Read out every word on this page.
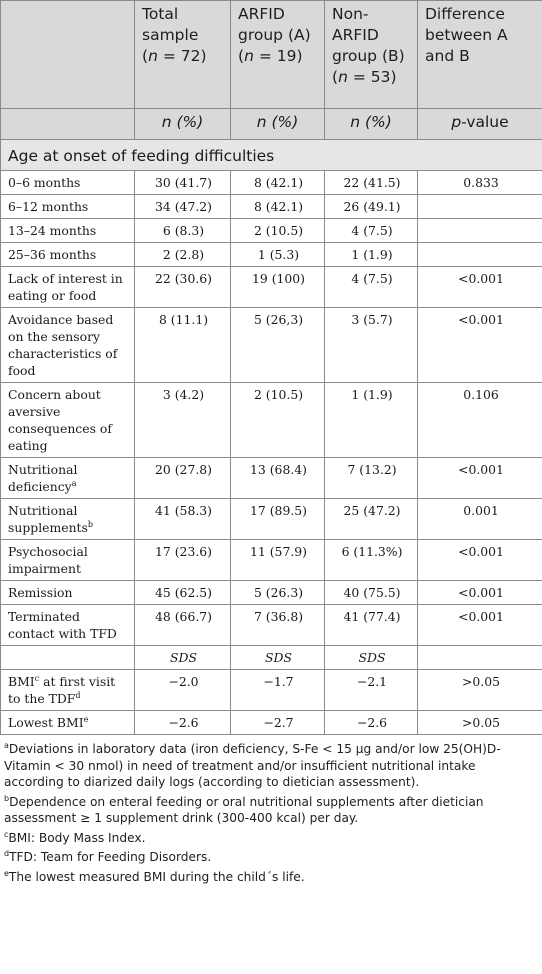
	Total
sample
(n = 72)	ARFID
group (A)
(n = 19)	Non-
ARFID
group (B)
(n = 53)	Difference
between A
and B
	n (%)	n (%)	n (%)	p-value
Age at onset of feeding difficulties				
0–6 months	30 (41.7)	8 (42.1)	22 (41.5)	0.833
6–12 months	34 (47.2)	8 (42.1)	26 (49.1)	
13–24 months	6 (8.3)	2 (10.5)	4 (7.5)	
25–36 months	2 (2.8)	1 (5.3)	1 (1.9)	
Lack of interest in eating or food	22 (30.6)	19 (100)	4 (7.5)	<0.001
Avoidance based on the sensory characteristics of food	8 (11.1)	5 (26,3)	3 (5.7)	<0.001
Concern about aversive consequences of eating	3 (4.2)	2 (10.5)	1 (1.9)	0.106
Nutritional deficiency$^a$	20 (27.8)	13 (68.4)	7 (13.2)	<0.001
Nutritional supplements$^b$	41 (58.3)	17 (89.5)	25 (47.2)	0.001
Psychosocial impairment	17 (23.6)	11 (57.9)	6 (11.3%)	<0.001
Remission	45 (62.5)	5 (26.3)	40 (75.5)	<0.001
Terminated contact with TFD	48 (66.7)	7 (36.8)	41 (77.4)	<0.001
	SDS	SDS	SDS	
BMI$^c$ at first visit to the $TDF^d$	−2.0	−1.7	−2.1	>0.05
Lowest $BMI^e$	−2.6	−2.7	−2.6	>0.05
$^a$Deviations in laboratory data (iron deficiency, S-Fe < 15 µg and/or low 25(OH)D-Vitamin < 30 nmol) in need of treatment and/or insufficient nutritional intake according to diarized daily logs (according to dietician assessment).
$^b$Dependence on enteral feeding or oral nutritional supplements after dietician assessment ≥ 1 supplement drink (300-400 kcal) per day.
$^c$BMI: Body Mass Index.
$^d$TFD: Team for Feeding Disorders.
$^e$The lowest measured BMI during the child´s life.
